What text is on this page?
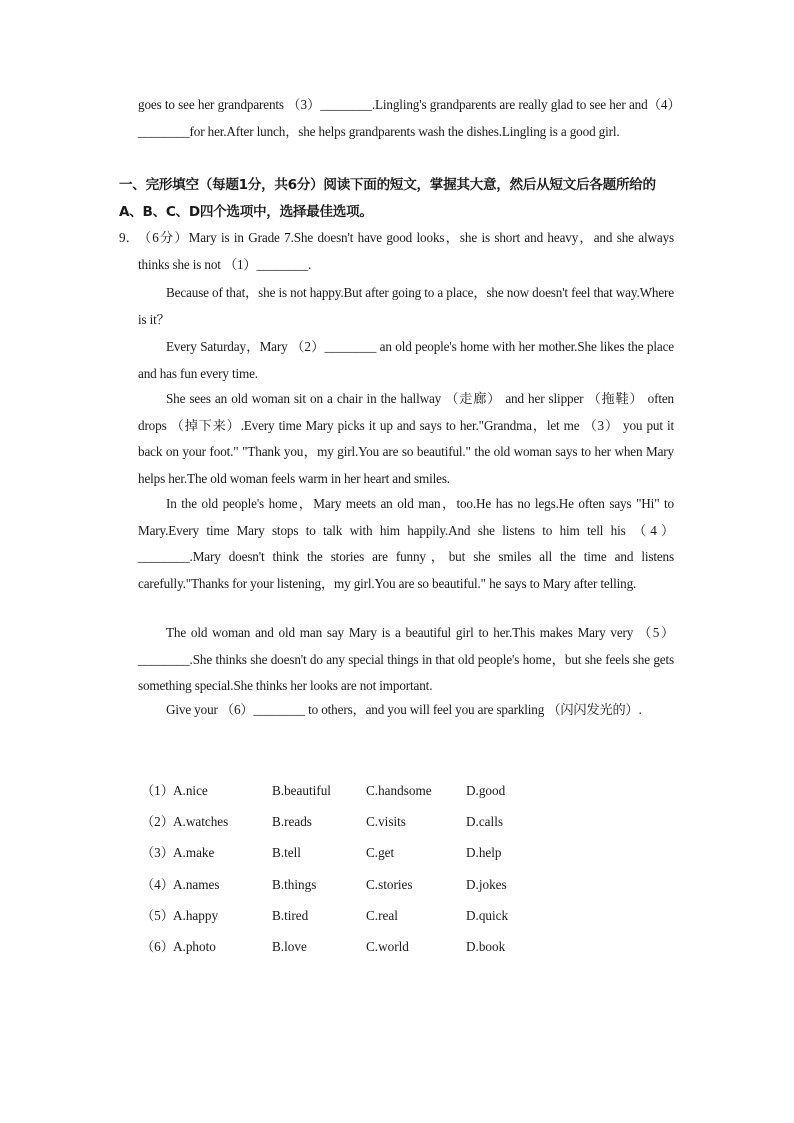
goes to see her grandparents （3）________.Lingling's grandparents are really glad to see her and（4）________for her.After lunch，she helps grandparents wash the dishes.Lingling is a good girl.

一、完形填空（每题1分，共6分）阅读下面的短文，掌握其大意，然后从短文后各题所给的A、B、C、D四个选项中，选择最佳选项。

9． （6分）Mary is in Grade 7.She doesn't have good looks，she is short and heavy，and she always thinks she is not （1）________.

Because of that，she is not happy.But after going to a place，she now doesn't feel that way.Where is it？

Every Saturday，Mary （2）________ an old people's home with her mother.She likes the place and has fun every time.

She sees an old woman sit on a chair in the hallway （走廊） and her slipper （拖鞋） often drops （掉下来）.Every time Mary picks it up and says to her."Grandma，let me （3） you put it back on your foot." "Thank you，my girl.You are so beautiful." the old woman says to her when Mary helps her.The old woman feels warm in her heart and smiles.

In the old people's home，Mary meets an old man，too.He has no legs.He often says "Hi" to Mary.Every time Mary stops to talk with him happily.And she listens to him tell his （4）________.Mary doesn't think the stories are funny，but she smiles all the time and listens carefully."Thanks for your listening，my girl.You are so beautiful." he says to Mary after telling.

The old woman and old man say Mary is a beautiful girl to her.This makes Mary very （5）________.She thinks she doesn't do any special things in that old people's home，but she feels she gets something special.She thinks her looks are not important.

Give your （6）________ to others，and you will feel you are sparkling （闪闪发光的）.

（1） A.nice	B.beautiful	C.handsome	D.good
（2） A.watches	B.reads	C.visits	D.calls
（3） A.make	B.tell	C.get	D.help
（4） A.names	B.things	C.stories	D.jokes
（5） A.happy	B.tired	C.real	D.quick
（6） A.photo	B.love	C.world	D.book
